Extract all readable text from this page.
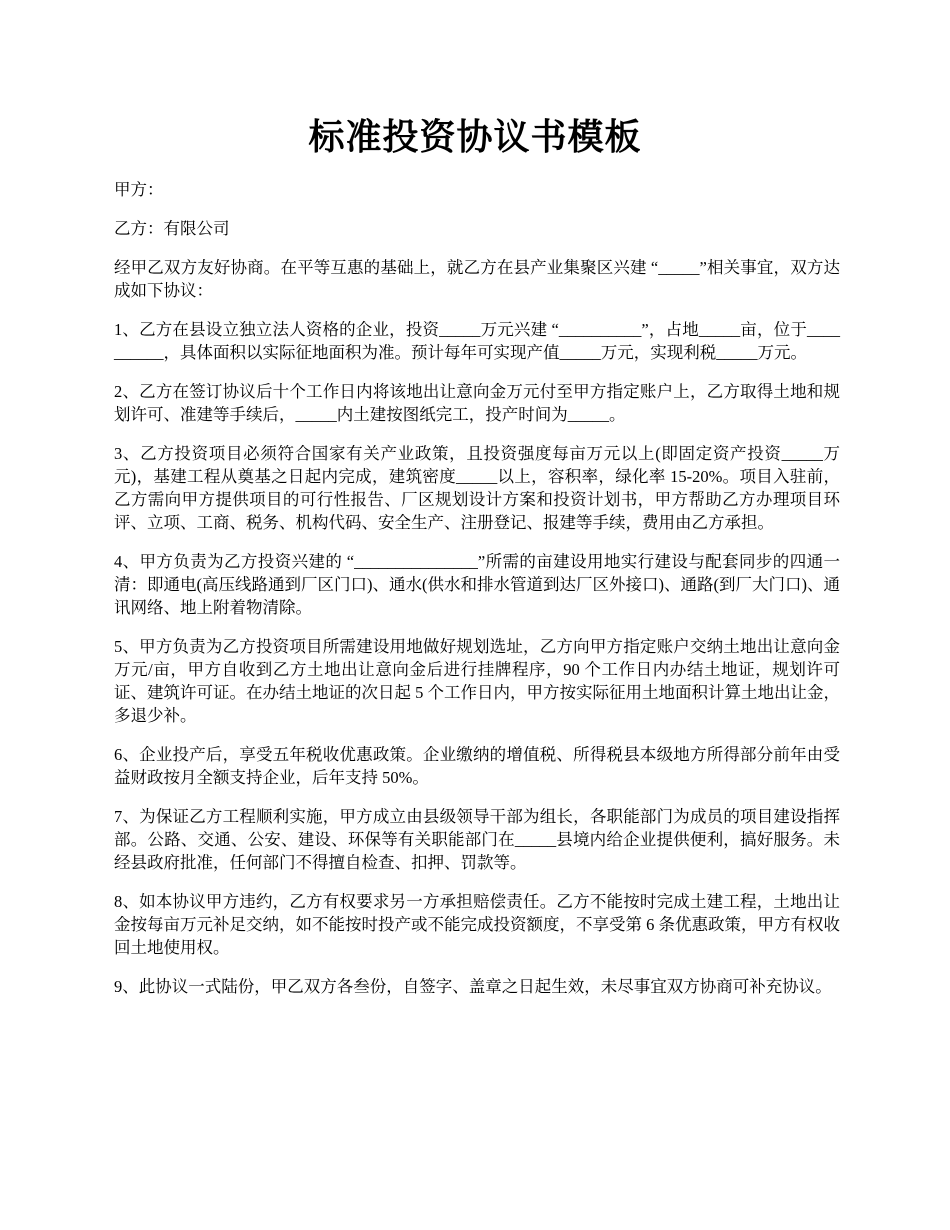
标准投资协议书模板

甲方：

乙方：有限公司

经甲乙双方友好协商。在平等互惠的基础上，就乙方在县产业集聚区兴建 “_____”相关事宜，双方达成如下协议：

1、乙方在县设立独立法人资格的企业，投资_____万元兴建 “__________”，占地_____亩，位于__________，具体面积以实际征地面积为准。预计每年可实现产值_____万元，实现利税_____万元。

2、乙方在签订协议后十个工作日内将该地出让意向金万元付至甲方指定账户上，乙方取得土地和规划许可、准建等手续后，_____内土建按图纸完工，投产时间为_____。

3、乙方投资项目必须符合国家有关产业政策，且投资强度每亩万元以上(即固定资产投资_____万元)，基建工程从奠基之日起内完成，建筑密度_____以上，容积率，绿化率 15-20%。项目入驻前，乙方需向甲方提供项目的可行性报告、厂区规划设计方案和投资计划书，甲方帮助乙方办理项目环评、立项、工商、税务、机构代码、安全生产、注册登记、报建等手续，费用由乙方承担。

4、甲方负责为乙方投资兴建的 “_______________”所需的亩建设用地实行建设与配套同步的四通一清：即通电(高压线路通到厂区门口)、通水(供水和排水管道到达厂区外接口)、通路(到厂大门口)、通讯网络、地上附着物清除。

5、甲方负责为乙方投资项目所需建设用地做好规划选址，乙方向甲方指定账户交纳土地出让意向金万元/亩，甲方自收到乙方土地出让意向金后进行挂牌程序，90 个工作日内办结土地证，规划许可证、建筑许可证。在办结土地证的次日起 5 个工作日内，甲方按实际征用土地面积计算土地出让金，多退少补。

6、企业投产后，享受五年税收优惠政策。企业缴纳的增值税、所得税县本级地方所得部分前年由受益财政按月全额支持企业，后年支持 50%。

7、为保证乙方工程顺利实施，甲方成立由县级领导干部为组长，各职能部门为成员的项目建设指挥部。公路、交通、公安、建设、环保等有关职能部门在_____县境内给企业提供便利，搞好服务。未经县政府批准，任何部门不得擅自检查、扣押、罚款等。

8、如本协议甲方违约，乙方有权要求另一方承担赔偿责任。乙方不能按时完成土建工程，土地出让金按每亩万元补足交纳，如不能按时投产或不能完成投资额度，不享受第 6 条优惠政策，甲方有权收回土地使用权。

9、此协议一式陆份，甲乙双方各叁份，自签字、盖章之日起生效，未尽事宜双方协商可补充协议。
